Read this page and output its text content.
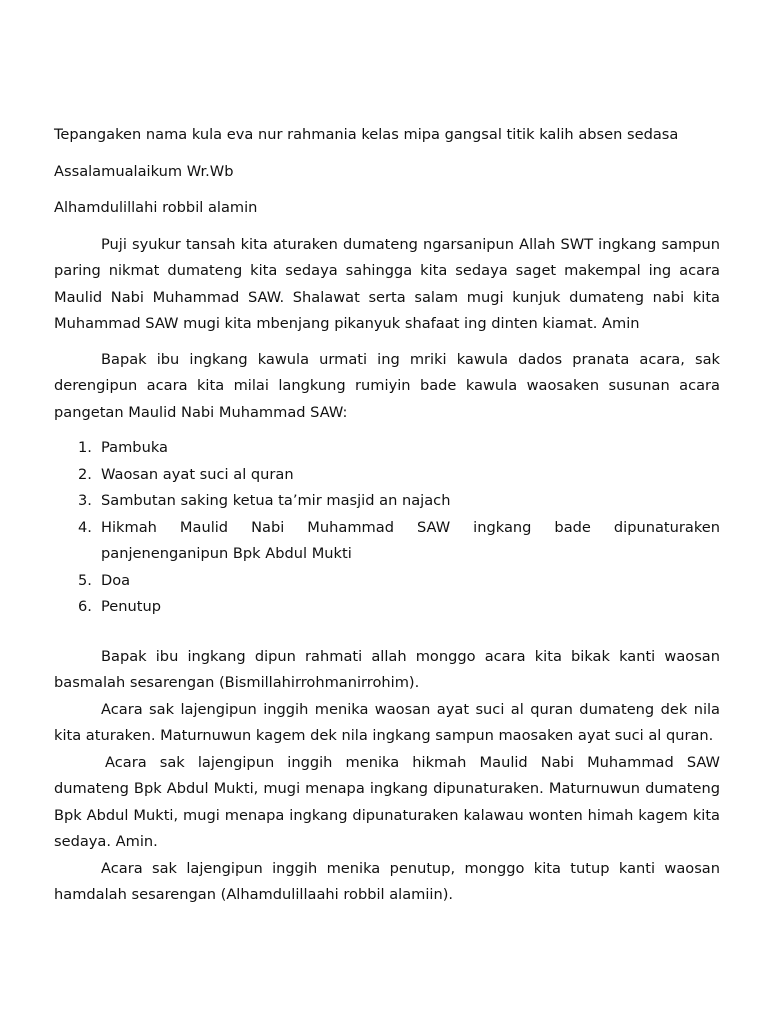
Tepangaken nama kula eva nur rahmania kelas mipa gangsal titik kalih absen sedasa

Assalamualaikum Wr.Wb

Alhamdulillahi robbil alamin

Puji syukur tansah kita aturaken dumateng ngarsanipun Allah SWT ingkang sampun paring nikmat dumateng kita sedaya sahingga kita sedaya saget makempal ing acara Maulid Nabi Muhammad SAW. Shalawat serta salam mugi kunjuk dumateng nabi kita Muhammad SAW mugi kita mbenjang pikanyuk shafaat ing dinten kiamat. Amin

Bapak ibu ingkang kawula urmati ing mriki kawula dados pranata acara, sak derengipun acara kita milai langkung rumiyin bade kawula waosaken susunan acara pangetan Maulid Nabi Muhammad SAW:

1. Pambuka
2. Waosan ayat suci al quran
3. Sambutan saking ketua ta’mir masjid an najach
4. Hikmah Maulid Nabi Muhammad SAW ingkang bade dipunaturaken panjenenganipun Bpk Abdul Mukti
5. Doa
6. Penutup

Bapak ibu ingkang dipun rahmati allah monggo acara kita bikak kanti waosan basmalah sesarengan (Bismillahirrohmanirrohim).

Acara sak lajengipun inggih menika waosan ayat suci al quran dumateng dek nila kita aturaken. Maturnuwun kagem dek nila ingkang sampun maosaken ayat suci al quran.

Acara sak lajengipun inggih menika hikmah Maulid Nabi Muhammad SAW dumateng Bpk Abdul Mukti, mugi menapa ingkang dipunaturaken. Maturnuwun dumateng Bpk Abdul Mukti, mugi menapa ingkang dipunaturaken kalawau wonten himah kagem kita sedaya. Amin.

Acara sak lajengipun inggih menika penutup, monggo kita tutup kanti waosan hamdalah sesarengan (Alhamdulillaahi robbil alamiin).
